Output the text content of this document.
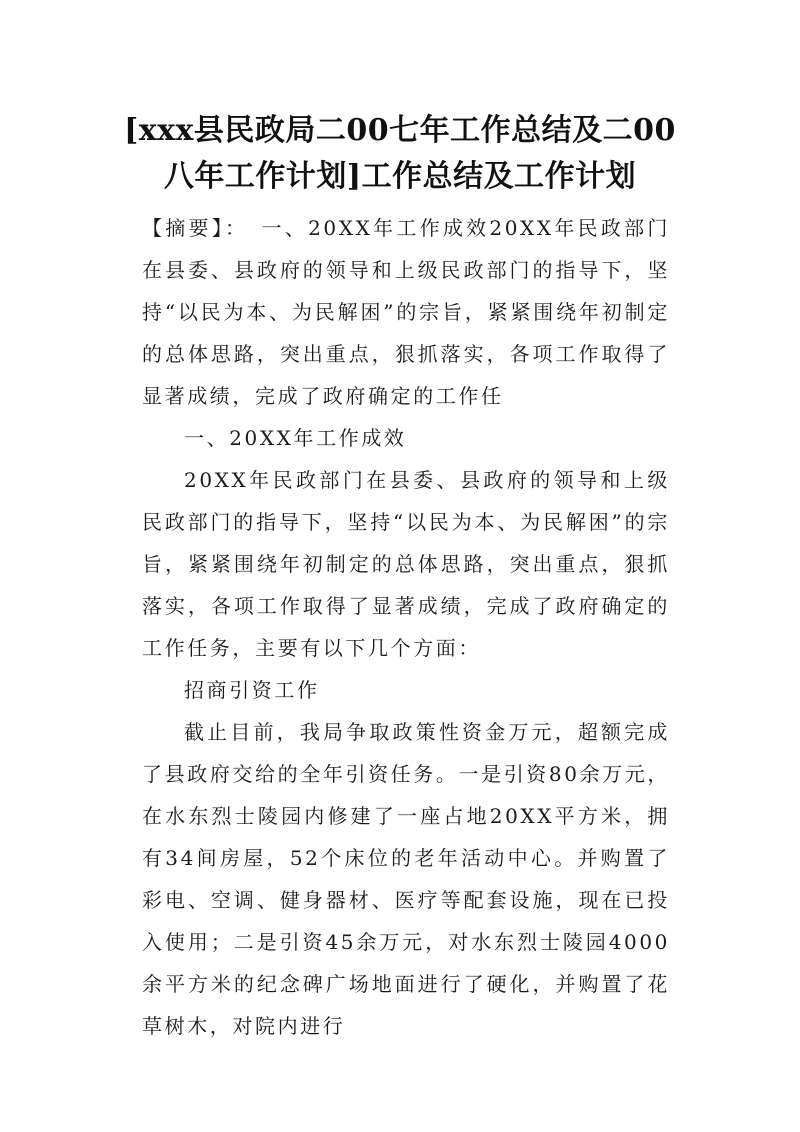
[xxx县民政局二00七年工作总结及二00八年工作计划]工作总结及工作计划

【摘要】：　一、20XX年工作成效20XX年民政部门在县委、县政府的领导和上级民政部门的指导下，坚持“以民为本、为民解困”的宗旨，紧紧围绕年初制定的总体思路，突出重点，狠抓落实，各项工作取得了显著成绩，完成了政府确定的工作任

一、20XX年工作成效

20XX年民政部门在县委、县政府的领导和上级民政部门的指导下，坚持“以民为本、为民解困”的宗旨，紧紧围绕年初制定的总体思路，突出重点，狠抓落实，各项工作取得了显著成绩，完成了政府确定的工作任务，主要有以下几个方面：

招商引资工作

截止目前，我局争取政策性资金万元，超额完成了县政府交给的全年引资任务。一是引资80余万元，在水东烈士陵园内修建了一座占地20XX平方米，拥有34间房屋，52个床位的老年活动中心。并购置了彩电、空调、健身器材、医疗等配套设施，现在已投入使用；二是引资45余万元，对水东烈士陵园4000余平方米的纪念碑广场地面进行了硬化，并购置了花草树木，对院内进行
